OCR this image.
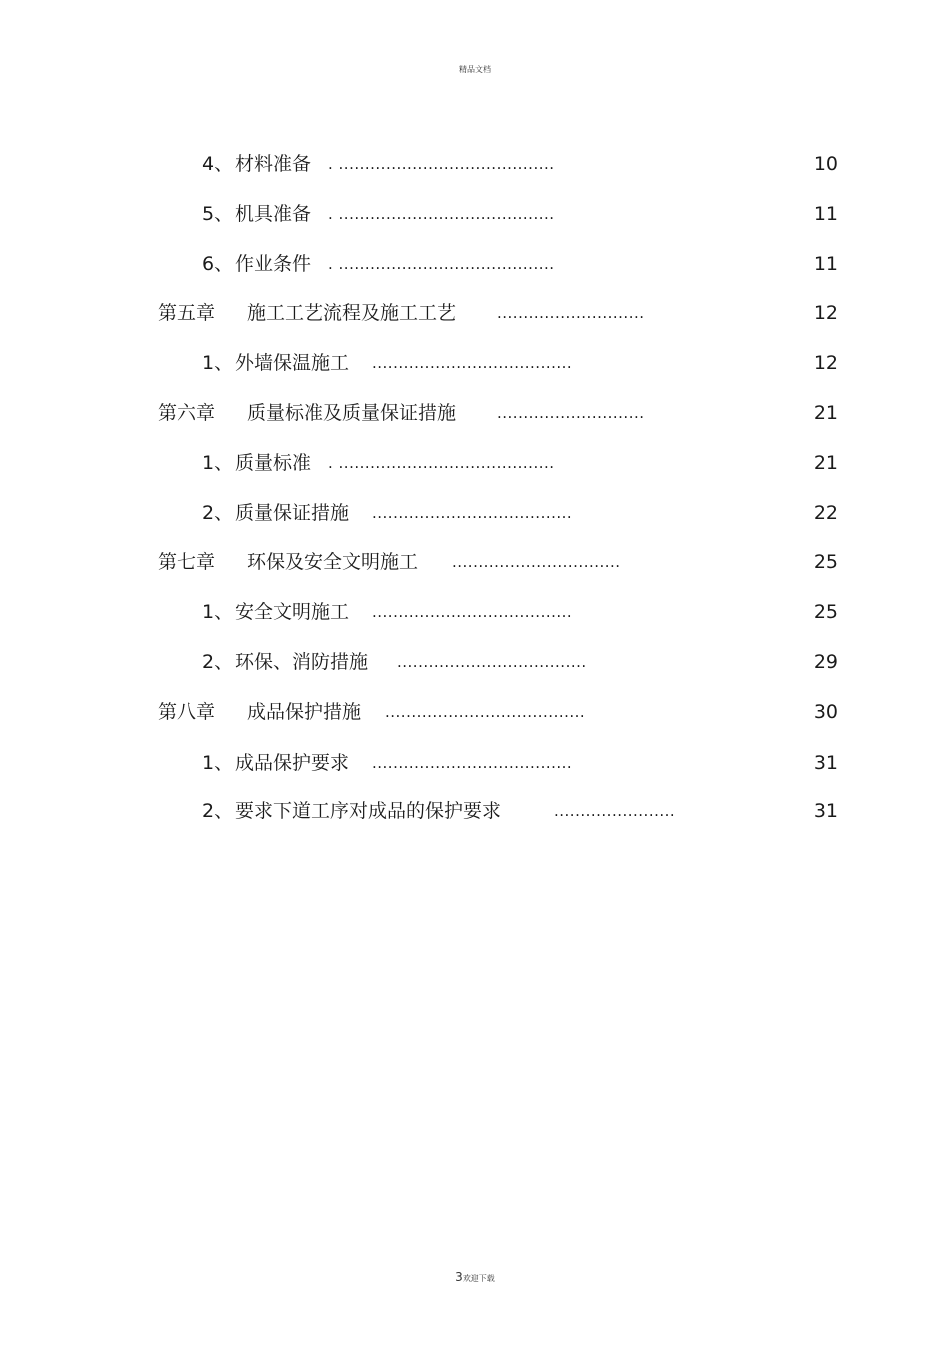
精品文档
4、 材料准备 . .........................................	10
5、 机具准备 . .........................................	11
6、 作业条件 . .........................................	11
第五章 施工工艺流程及施工工艺	............................	12
1、 外墙保温施工 ......................................	12
第六章 质量标准及质量保证措施	............................	21
1、 质量标准 . .........................................	21
2、 质量保证措施 ......................................	22
第七章 环保及安全文明施工 ................................	25
1、 安全文明施工 ......................................	25
2、 环保、消防措施 ....................................	29
第八章 成品保护措施 ......................................	30
1、 成品保护要求 ......................................	31
2、 要求下道工序对成品的保护要求	.......................	31
3欢迎下载
